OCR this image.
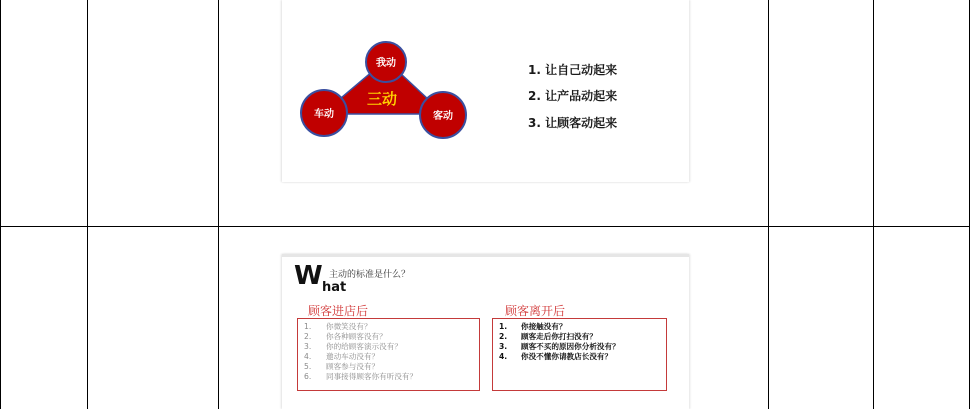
三动
我动
车动	客动
1. 让自己动起来
2. 让产品动起来
3. 让顾客动起来
W hat
主动的标准是什么？
顾客进店后	顾客离开后
1.	你微笑没有？
2.	你各种顾客没有？
3.	你的给顾客演示没有？
4.	邀动车动没有？
5.	顾客参与没有？
6.	同事接得顾客你有听没有？
1.	你接触没有？
2.	顾客走后你打扫没有？
3.	顾客不买的原因你分析没有？
4.	你没不懂你请教店长没有？
